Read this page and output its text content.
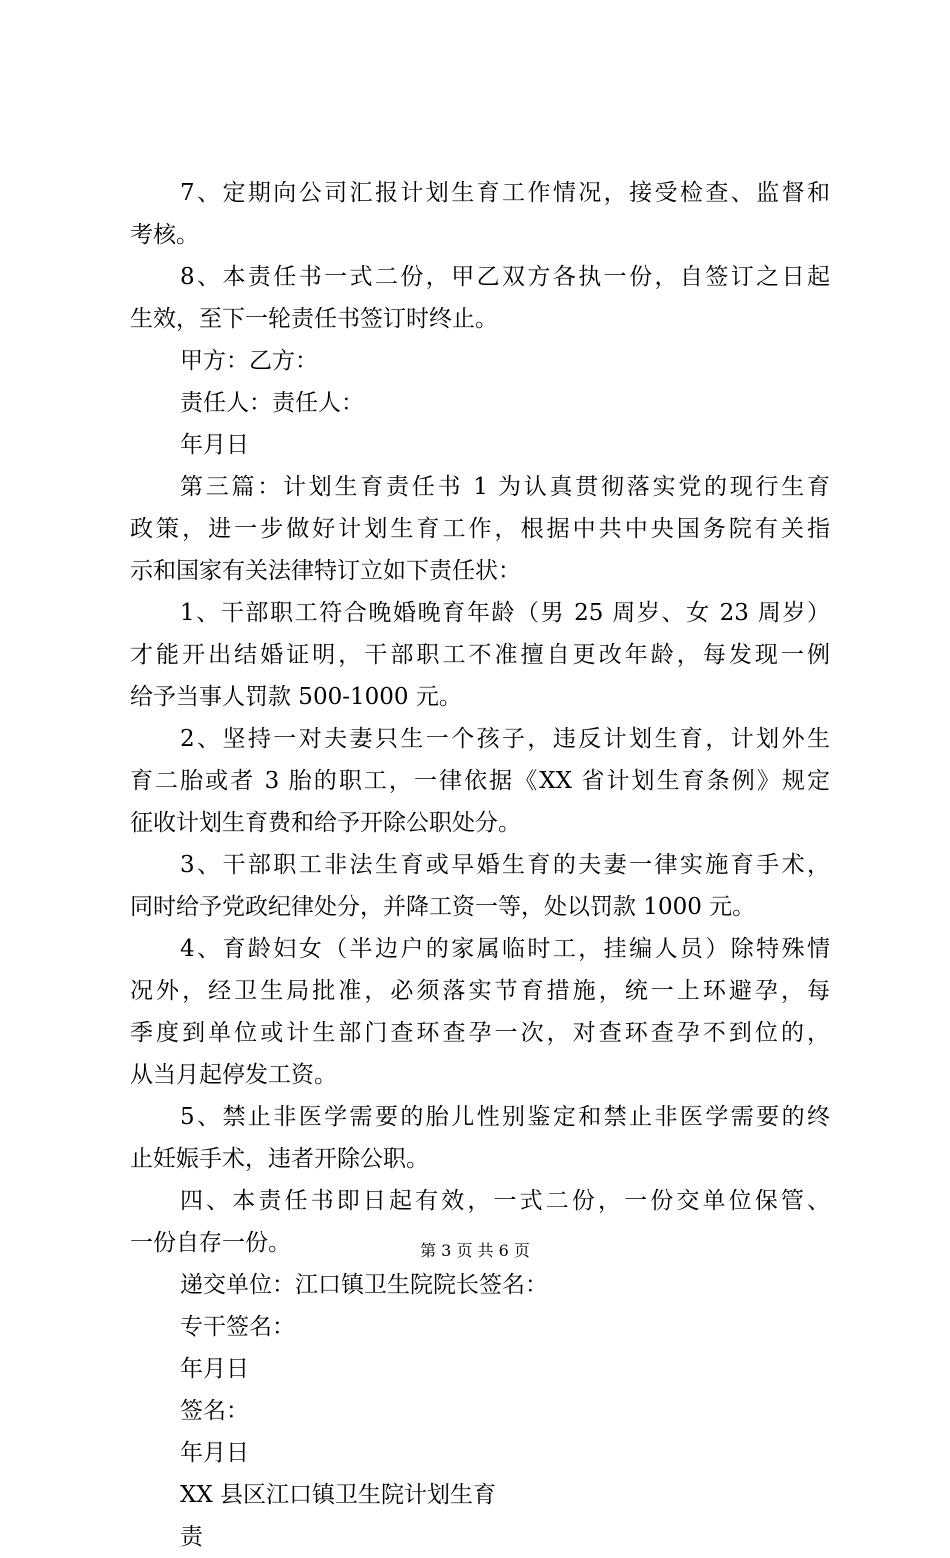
7、定期向公司汇报计划生育工作情况，接受检查、监督和
考核。
8、本责任书一式二份，甲乙双方各执一份，自签订之日起
生效，至下一轮责任书签订时终止。
甲方：乙方：
责任人：责任人：
年月日
第三篇：计划生育责任书 1 为认真贯彻落实党的现行生育
政策，进一步做好计划生育工作，根据中共中央国务院有关指
示和国家有关法律特订立如下责任状：
1、干部职工符合晚婚晚育年龄（男 25 周岁、女 23 周岁）
才能开出结婚证明，干部职工不准擅自更改年龄，每发现一例
给予当事人罚款 500-1000 元。
2、坚持一对夫妻只生一个孩子，违反计划生育，计划外生
育二胎或者 3 胎的职工，一律依据《XX 省计划生育条例》规定
征收计划生育费和给予开除公职处分。
3、干部职工非法生育或早婚生育的夫妻一律实施育手术，
同时给予党政纪律处分，并降工资一等，处以罚款 1000 元。
4、育龄妇女（半边户的家属临时工，挂编人员）除特殊情
况外，经卫生局批准，必须落实节育措施，统一上环避孕，每
季度到单位或计生部门查环查孕一次，对查环查孕不到位的，
从当月起停发工资。
5、禁止非医学需要的胎儿性别鉴定和禁止非医学需要的终
止妊娠手术，违者开除公职。
四、本责任书即日起有效，一式二份，一份交单位保管、
一份自存一份。
递交单位：江口镇卫生院院长签名：
专干签名：
年月日
签名：
年月日
XX 县区江口镇卫生院计划生育
责
第 3 页 共 6 页
